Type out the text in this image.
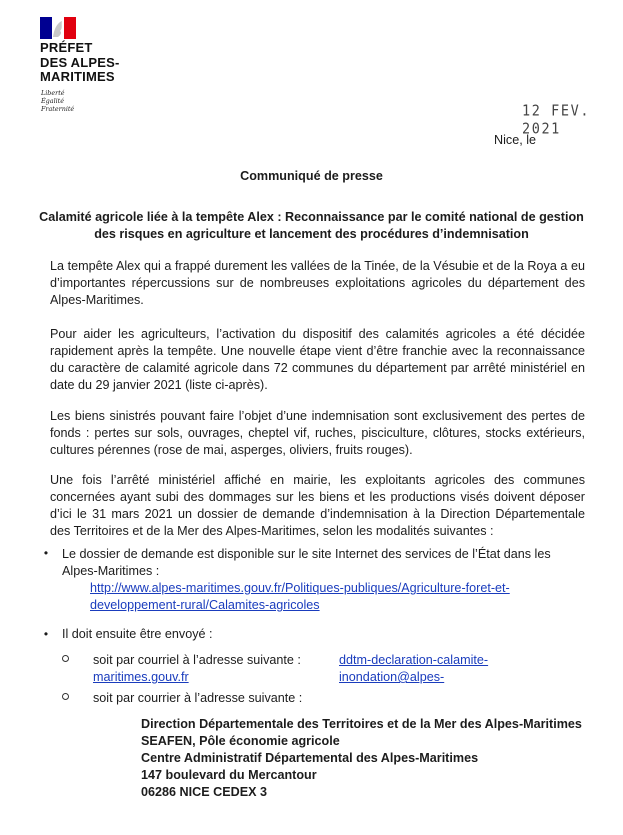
PRÉFET
DES ALPES-
MARITIMES
Liberté
Égalité
Fraternité	12 FEV. 2021
Nice, le
Communiqué de presse
Calamité agricole liée à la tempête Alex : Reconnaissance par le comité national de gestion des risques en agriculture et lancement des procédures d’indemnisation

La tempête Alex qui a frappé durement les vallées de la Tinée, de la Vésubie et de la Roya a eu d’importantes répercussions sur de nombreuses exploitations agricoles du département des Alpes-Maritimes.

Pour aider les agriculteurs, l’activation du dispositif des calamités agricoles a été décidée rapidement après la tempête. Une nouvelle étape vient d’être franchie avec la reconnaissance du caractère de calamité agricole dans 72 communes du département par arrêté ministériel en date du 29 janvier 2021 (liste ci-après).

Les biens sinistrés pouvant faire l’objet d’une indemnisation sont exclusivement des pertes de fonds : pertes sur sols, ouvrages, cheptel vif, ruches, pisciculture, clôtures, stocks extérieurs, cultures pérennes (rose de mai, asperges, oliviers, fruits rouges).

Une fois l’arrêté ministériel affiché en mairie, les exploitants agricoles des communes concernées ayant subi des dommages sur les biens et les productions visés doivent déposer d’ici le 31 mars 2021 un dossier de demande d’indemnisation à la Direction Départementale des Territoires et de la Mer des Alpes-Maritimes, selon les modalités suivantes :

• Le dossier de demande est disponible sur le site Internet des services de l’État dans les Alpes-Maritimes :

http://www.alpes-maritimes.gouv.fr/Politiques-publiques/Agriculture-foret-et-developpement-rural/Calamites-agricoles

• Il doit ensuite être envoyé :

soit par courriel à l’adresse suivante :	ddtm-declaration-calamite-inondation@alpes-
maritimes.gouv.fr

soit par courrier à l’adresse suivante :

Direction Départementale des Territoires et de la Mer des Alpes-Maritimes
SEAFEN, Pôle économie agricole
Centre Administratif Départemental des Alpes-Maritimes
147 boulevard du Mercantour
06286 NICE CEDEX 3
